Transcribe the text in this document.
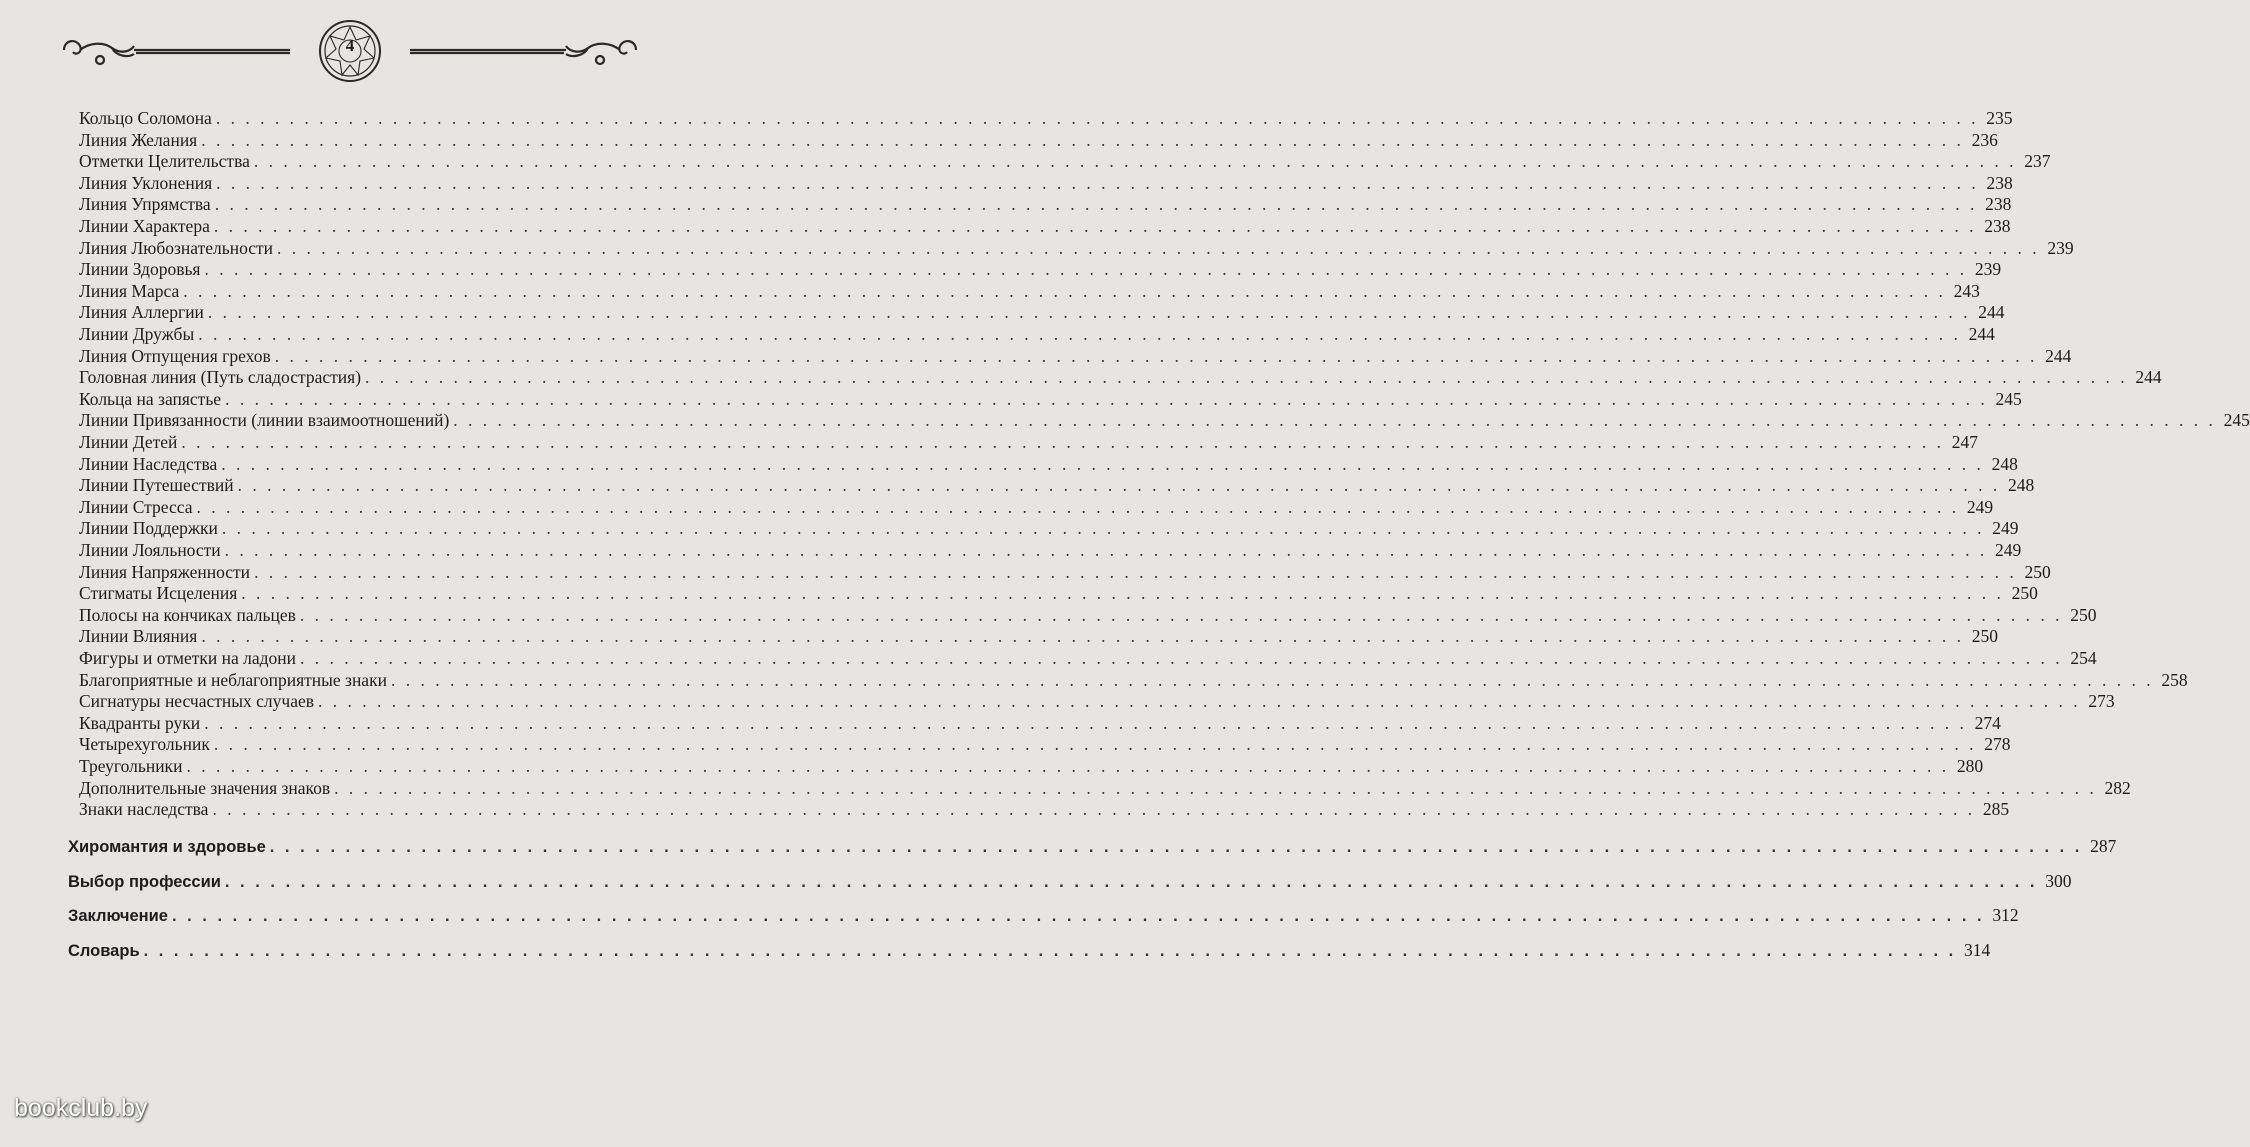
4
Кольцо Соломона . . . . . . . . . . . . . . . . . . . . . . . . . . . . . . . . . . . . . . . . . . . . . . . . . . . . . . . . . . . . . . . . . . . . . . . . . . . . . . . . . . . . . . . . . . . . . . . . . . . . . . . . . . . . . . . . . . . . . . . . 235
Линия Желания . . . . . . . . . . . . . . . . . . . . . . . . . . . . . . . . . . . . . . . . . . . . . . . . . . . . . . . . . . . . . . . . . . . . . . . . . . . . . . . . . . . . . . . . . . . . . . . . . . . . . . . . . . . . . . . . . . . . . . . . 236
Отметки Целительства . . . . . . . . . . . . . . . . . . . . . . . . . . . . . . . . . . . . . . . . . . . . . . . . . . . . . . . . . . . . . . . . . . . . . . . . . . . . . . . . . . . . . . . . . . . . . . . . . . . . . . . . . . . . . . . . . . . . . . . . 237
Линия Уклонения . . . . . . . . . . . . . . . . . . . . . . . . . . . . . . . . . . . . . . . . . . . . . . . . . . . . . . . . . . . . . . . . . . . . . . . . . . . . . . . . . . . . . . . . . . . . . . . . . . . . . . . . . . . . . . . . . . . . . . . . 238
Линия Упрямства . . . . . . . . . . . . . . . . . . . . . . . . . . . . . . . . . . . . . . . . . . . . . . . . . . . . . . . . . . . . . . . . . . . . . . . . . . . . . . . . . . . . . . . . . . . . . . . . . . . . . . . . . . . . . . . . . . . . . . . . 238
Линии Характера . . . . . . . . . . . . . . . . . . . . . . . . . . . . . . . . . . . . . . . . . . . . . . . . . . . . . . . . . . . . . . . . . . . . . . . . . . . . . . . . . . . . . . . . . . . . . . . . . . . . . . . . . . . . . . . . . . . . . . . . 238
Линия Любознательности . . . . . . . . . . . . . . . . . . . . . . . . . . . . . . . . . . . . . . . . . . . . . . . . . . . . . . . . . . . . . . . . . . . . . . . . . . . . . . . . . . . . . . . . . . . . . . . . . . . . . . . . . . . . . . . . . . . . . . . . 239
Линии Здоровья . . . . . . . . . . . . . . . . . . . . . . . . . . . . . . . . . . . . . . . . . . . . . . . . . . . . . . . . . . . . . . . . . . . . . . . . . . . . . . . . . . . . . . . . . . . . . . . . . . . . . . . . . . . . . . . . . . . . . . . . 239
Линия Марса . . . . . . . . . . . . . . . . . . . . . . . . . . . . . . . . . . . . . . . . . . . . . . . . . . . . . . . . . . . . . . . . . . . . . . . . . . . . . . . . . . . . . . . . . . . . . . . . . . . . . . . . . . . . . . . . . . . . . . . . 243
Линия Аллергии . . . . . . . . . . . . . . . . . . . . . . . . . . . . . . . . . . . . . . . . . . . . . . . . . . . . . . . . . . . . . . . . . . . . . . . . . . . . . . . . . . . . . . . . . . . . . . . . . . . . . . . . . . . . . . . . . . . . . . . . 244
Линии Дружбы . . . . . . . . . . . . . . . . . . . . . . . . . . . . . . . . . . . . . . . . . . . . . . . . . . . . . . . . . . . . . . . . . . . . . . . . . . . . . . . . . . . . . . . . . . . . . . . . . . . . . . . . . . . . . . . . . . . . . . . . 244
Линия Отпущения грехов . . . . . . . . . . . . . . . . . . . . . . . . . . . . . . . . . . . . . . . . . . . . . . . . . . . . . . . . . . . . . . . . . . . . . . . . . . . . . . . . . . . . . . . . . . . . . . . . . . . . . . . . . . . . . . . . . . . . . . . . 244
Головная линия (Путь сладострастия) . . . . . . . . . . . . . . . . . . . . . . . . . . . . . . . . . . . . . . . . . . . . . . . . . . . . . . . . . . . . . . . . . . . . . . . . . . . . . . . . . . . . . . . . . . . . . . . . . . . . . . . . . . . . . . . . . . . . . . . . 244
Кольца на запястье . . . . . . . . . . . . . . . . . . . . . . . . . . . . . . . . . . . . . . . . . . . . . . . . . . . . . . . . . . . . . . . . . . . . . . . . . . . . . . . . . . . . . . . . . . . . . . . . . . . . . . . . . . . . . . . . . . . . . . . . 245
Линии Привязанности (линии взаимоотношений) . . . . . . . . . . . . . . . . . . . . . . . . . . . . . . . . . . . . . . . . . . . . . . . . . . . . . . . . . . . . . . . . . . . . . . . . . . . . . . . . . . . . . . . . . . . . . . . . . . . . . . . . . . . . . . . . . . . . . . . . 245
Линии Детей . . . . . . . . . . . . . . . . . . . . . . . . . . . . . . . . . . . . . . . . . . . . . . . . . . . . . . . . . . . . . . . . . . . . . . . . . . . . . . . . . . . . . . . . . . . . . . . . . . . . . . . . . . . . . . . . . . . . . . . . 247
Линии Наследства . . . . . . . . . . . . . . . . . . . . . . . . . . . . . . . . . . . . . . . . . . . . . . . . . . . . . . . . . . . . . . . . . . . . . . . . . . . . . . . . . . . . . . . . . . . . . . . . . . . . . . . . . . . . . . . . . . . . . . . . 248
Линии Путешествий . . . . . . . . . . . . . . . . . . . . . . . . . . . . . . . . . . . . . . . . . . . . . . . . . . . . . . . . . . . . . . . . . . . . . . . . . . . . . . . . . . . . . . . . . . . . . . . . . . . . . . . . . . . . . . . . . . . . . . . . 248
Линии Стресса . . . . . . . . . . . . . . . . . . . . . . . . . . . . . . . . . . . . . . . . . . . . . . . . . . . . . . . . . . . . . . . . . . . . . . . . . . . . . . . . . . . . . . . . . . . . . . . . . . . . . . . . . . . . . . . . . . . . . . . . 249
Линии Поддержки . . . . . . . . . . . . . . . . . . . . . . . . . . . . . . . . . . . . . . . . . . . . . . . . . . . . . . . . . . . . . . . . . . . . . . . . . . . . . . . . . . . . . . . . . . . . . . . . . . . . . . . . . . . . . . . . . . . . . . . . 249
Линии Лояльности . . . . . . . . . . . . . . . . . . . . . . . . . . . . . . . . . . . . . . . . . . . . . . . . . . . . . . . . . . . . . . . . . . . . . . . . . . . . . . . . . . . . . . . . . . . . . . . . . . . . . . . . . . . . . . . . . . . . . . . . 249
Линия Напряженности . . . . . . . . . . . . . . . . . . . . . . . . . . . . . . . . . . . . . . . . . . . . . . . . . . . . . . . . . . . . . . . . . . . . . . . . . . . . . . . . . . . . . . . . . . . . . . . . . . . . . . . . . . . . . . . . . . . . . . . . 250
Стигматы Исцеления . . . . . . . . . . . . . . . . . . . . . . . . . . . . . . . . . . . . . . . . . . . . . . . . . . . . . . . . . . . . . . . . . . . . . . . . . . . . . . . . . . . . . . . . . . . . . . . . . . . . . . . . . . . . . . . . . . . . . . . . 250
Полосы на кончиках пальцев . . . . . . . . . . . . . . . . . . . . . . . . . . . . . . . . . . . . . . . . . . . . . . . . . . . . . . . . . . . . . . . . . . . . . . . . . . . . . . . . . . . . . . . . . . . . . . . . . . . . . . . . . . . . . . . . . . . . . . . . 250
Линии Влияния . . . . . . . . . . . . . . . . . . . . . . . . . . . . . . . . . . . . . . . . . . . . . . . . . . . . . . . . . . . . . . . . . . . . . . . . . . . . . . . . . . . . . . . . . . . . . . . . . . . . . . . . . . . . . . . . . . . . . . . . 250
Фигуры и отметки на ладони . . . . . . . . . . . . . . . . . . . . . . . . . . . . . . . . . . . . . . . . . . . . . . . . . . . . . . . . . . . . . . . . . . . . . . . . . . . . . . . . . . . . . . . . . . . . . . . . . . . . . . . . . . . . . . . . . . . . . . . . 254
Благоприятные и неблагоприятные знаки . . . . . . . . . . . . . . . . . . . . . . . . . . . . . . . . . . . . . . . . . . . . . . . . . . . . . . . . . . . . . . . . . . . . . . . . . . . . . . . . . . . . . . . . . . . . . . . . . . . . . . . . . . . . . . . . . . . . . . . . 258
Сигнатуры несчастных случаев . . . . . . . . . . . . . . . . . . . . . . . . . . . . . . . . . . . . . . . . . . . . . . . . . . . . . . . . . . . . . . . . . . . . . . . . . . . . . . . . . . . . . . . . . . . . . . . . . . . . . . . . . . . . . . . . . . . . . . . . 273
Квадранты руки . . . . . . . . . . . . . . . . . . . . . . . . . . . . . . . . . . . . . . . . . . . . . . . . . . . . . . . . . . . . . . . . . . . . . . . . . . . . . . . . . . . . . . . . . . . . . . . . . . . . . . . . . . . . . . . . . . . . . . . . 274
Четырехугольник . . . . . . . . . . . . . . . . . . . . . . . . . . . . . . . . . . . . . . . . . . . . . . . . . . . . . . . . . . . . . . . . . . . . . . . . . . . . . . . . . . . . . . . . . . . . . . . . . . . . . . . . . . . . . . . . . . . . . . . . 278
Треугольники . . . . . . . . . . . . . . . . . . . . . . . . . . . . . . . . . . . . . . . . . . . . . . . . . . . . . . . . . . . . . . . . . . . . . . . . . . . . . . . . . . . . . . . . . . . . . . . . . . . . . . . . . . . . . . . . . . . . . . . . 280
Дополнительные значения знаков . . . . . . . . . . . . . . . . . . . . . . . . . . . . . . . . . . . . . . . . . . . . . . . . . . . . . . . . . . . . . . . . . . . . . . . . . . . . . . . . . . . . . . . . . . . . . . . . . . . . . . . . . . . . . . . . . . . . . . . . 282
Знаки наследства . . . . . . . . . . . . . . . . . . . . . . . . . . . . . . . . . . . . . . . . . . . . . . . . . . . . . . . . . . . . . . . . . . . . . . . . . . . . . . . . . . . . . . . . . . . . . . . . . . . . . . . . . . . . . . . . . . . . . . . . 285
Хиромантия и здоровье . . . . . . . . . . . . . . . . . . . . . . . . . . . . . . . . . . . . . . . . . . . . . . . . . . . . . . . . . . . . . . . . . . . . . . . . . . . . . . . . . . . . . . . . . . . . . . . . . . . . . . . . . . . . . . . . . . . . . . . . 287
Выбор профессии . . . . . . . . . . . . . . . . . . . . . . . . . . . . . . . . . . . . . . . . . . . . . . . . . . . . . . . . . . . . . . . . . . . . . . . . . . . . . . . . . . . . . . . . . . . . . . . . . . . . . . . . . . . . . . . . . . . . . . . . 300
Заключение . . . . . . . . . . . . . . . . . . . . . . . . . . . . . . . . . . . . . . . . . . . . . . . . . . . . . . . . . . . . . . . . . . . . . . . . . . . . . . . . . . . . . . . . . . . . . . . . . . . . . . . . . . . . . . . . . . . . . . . . 312
Словарь . . . . . . . . . . . . . . . . . . . . . . . . . . . . . . . . . . . . . . . . . . . . . . . . . . . . . . . . . . . . . . . . . . . . . . . . . . . . . . . . . . . . . . . . . . . . . . . . . . . . . . . . . . . . . . . . . . . . . . . . 314
bookclub.by
